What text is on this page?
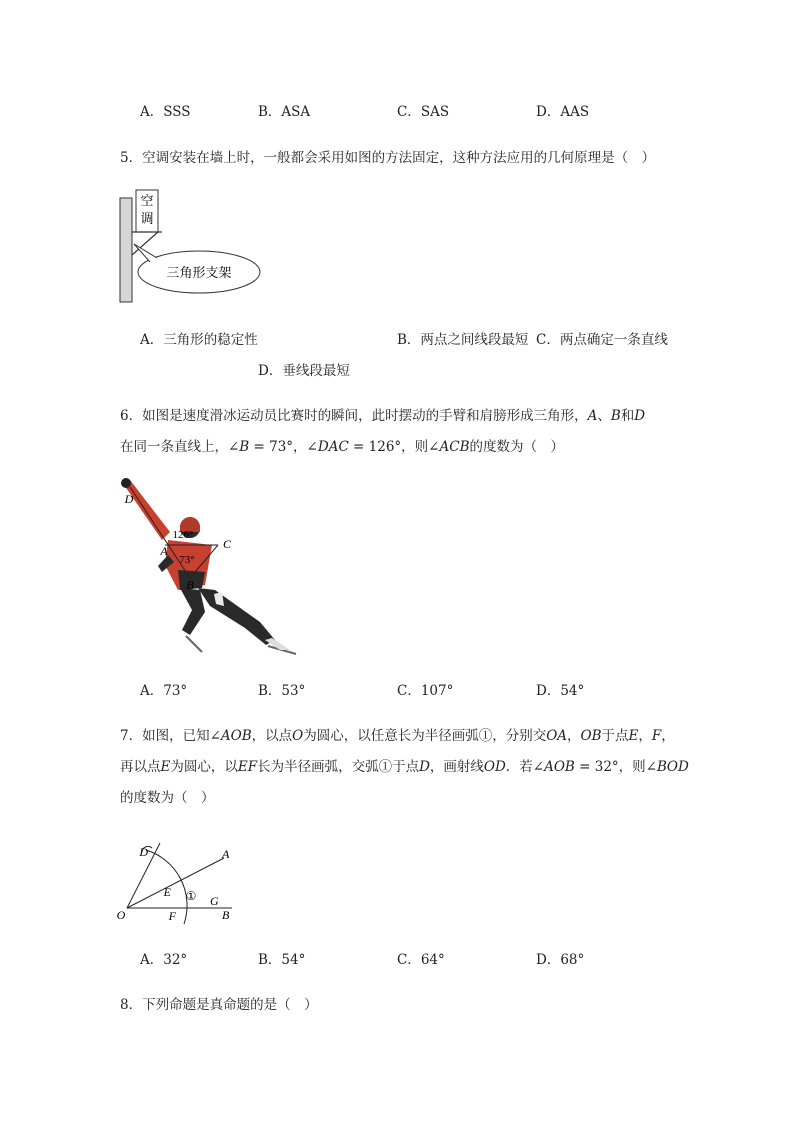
A．SSS	B．ASA	C．SAS	D．AAS
5．空调安装在墙上时，一般都会采用如图的方法固定，这种方法应用的几何原理是（　）
空
调
三角形支架
A．三角形的稳定性	B．两点之间线段最短 C．两点确定一条直线
D．垂线段最短
6．如图是速度滑冰运动员比赛时的瞬间，此时摆动的手臂和肩膀形成三角形，𝐴、𝐵和𝐷
在同一条直线上，∠𝐵 = 73°，∠𝐷𝐴𝐶 = 126°，则∠𝐴𝐶𝐵的度数为（　）
D
A	C
B
126°
73°
A．73°	B．53°	C．107°	D．54°
7．如图，已知∠𝐴𝑂𝐵，以点𝑂为圆心，以任意长为半径画弧①，分别交𝑂𝐴，𝑂𝐵于点𝐸，𝐹，
再以点𝐸为圆心，以𝐸𝐹长为半径画弧，交弧①于点𝐷，画射线𝑂𝐷．若∠𝐴𝑂𝐵 = 32°，则∠𝐵𝑂𝐷
的度数为（　）
O
A
B
D
E
F
G
①
A．32°	B．54°	C．64°	D．68°
8．下列命题是真命题的是（　）
